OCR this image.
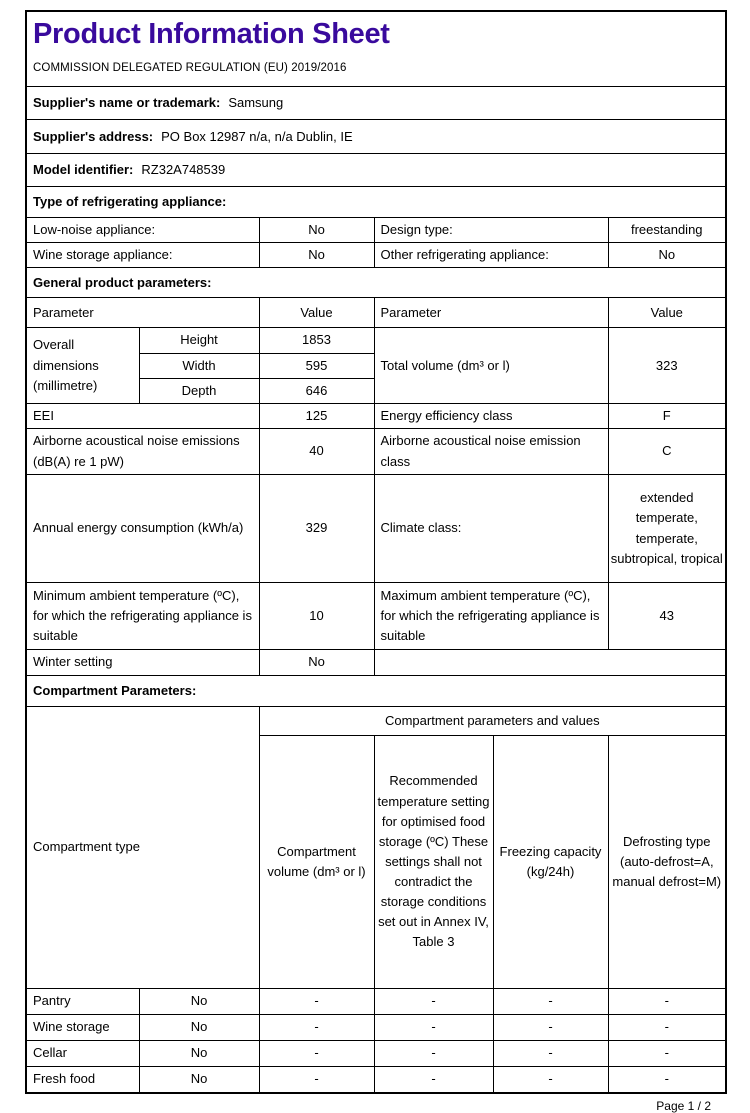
Product Information Sheet
COMMISSION DELEGATED REGULATION (EU) 2019/2016					

Supplier's name or trademark: Samsung					
Supplier's address: PO Box 12987 n/a, n/a Dublin, IE					
Model identifier: RZ32A748539					
Type of refrigerating appliance:					
Low-noise appliance:		No	Design type:		freestanding
Wine storage appliance:		No	Other refrigerating appliance:		No
General product parameters:					
Parameter		Value	Parameter		Value
Overall dimensions (millimetre)	Height	1853	Total volume (dm³ or l)		323
	Width	595			
	Depth	646			
EEI		125	Energy efficiency class		F
Airborne acoustical noise emissions (dB(A) re 1 pW)		40	Airborne acoustical noise emission class		C
Annual energy consumption (kWh/a)		329	Climate class:		extended temperate, temperate, subtropical, tropical
Minimum ambient temperature (ºC), for which the refrigerating appliance is suitable		10	Maximum ambient temperature (ºC), for which the refrigerating appliance is suitable		43
Winter setting		No			
Compartment Parameters:					
Compartment type		Compartment parameters and values			
		Compartment volume (dm³ or l)	Recommended temperature setting for optimised food storage (ºC) These settings shall not contradict the storage conditions set out in Annex IV, Table 3	Freezing capacity (kg/24h)	Defrosting type (auto-defrost=A, manual defrost=M)
Pantry	No	-	-	-	-
Wine storage	No	-	-	-	-
Cellar	No	-	-	-	-
Fresh food	No	-	-	-	-
Page 1 / 2
